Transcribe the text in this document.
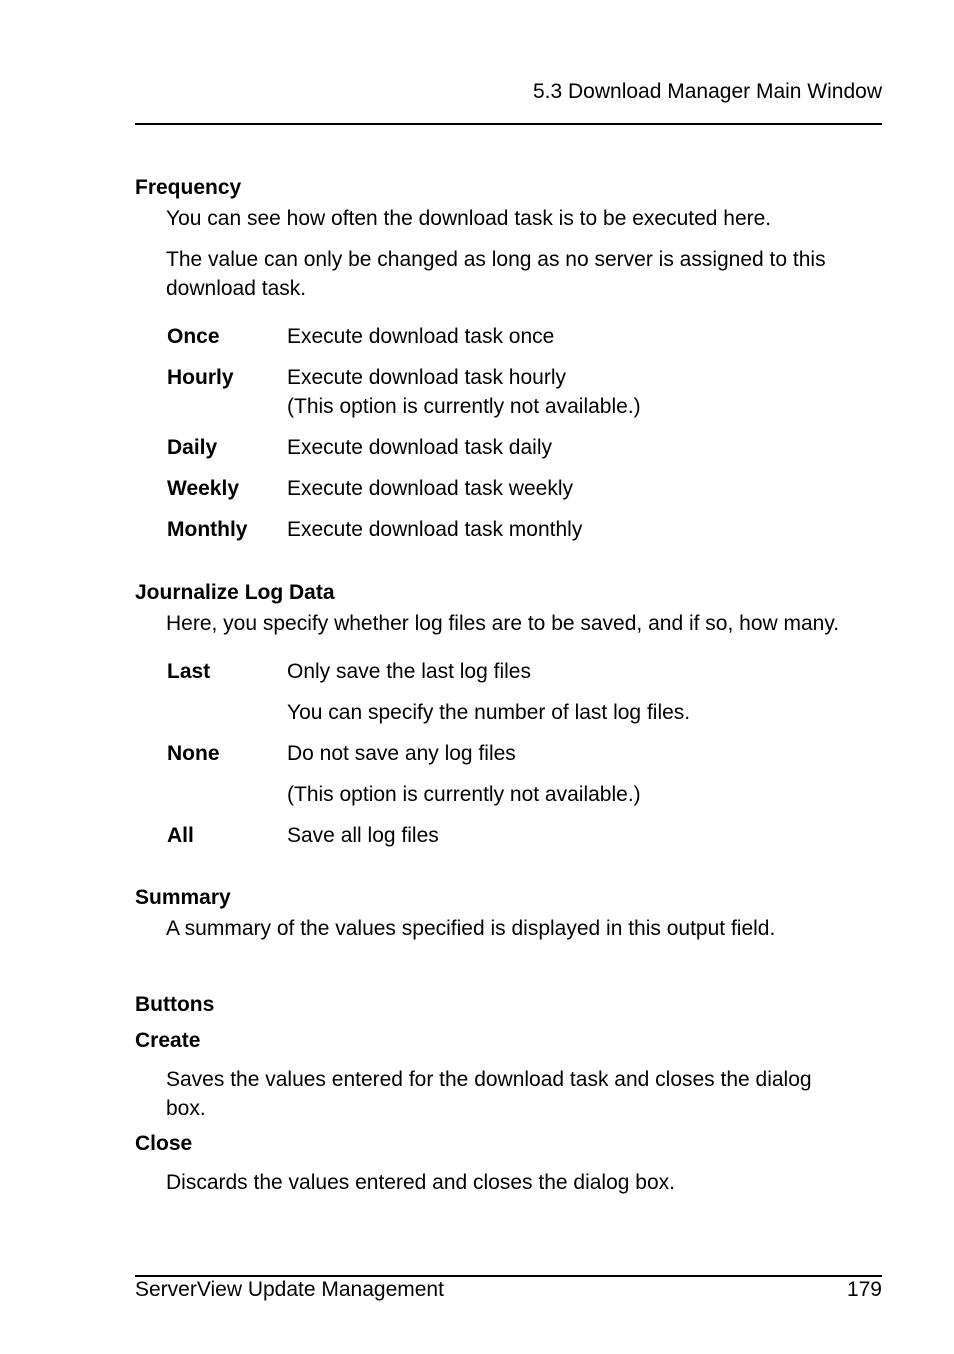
5.3 Download Manager Main Window
Frequency

You can see how often the download task is to be executed here.

The value can only be changed as long as no server is assigned to this download task.

Once	Execute download task once
Hourly	Execute download task hourly
(This option is currently not available.)
Daily	Execute download task daily
Weekly	Execute download task weekly
Monthly	Execute download task monthly
Journalize Log Data

Here, you specify whether log files are to be saved, and if so, how many.

Last	Only save the last log files
You can specify the number of last log files.
None	Do not save any log files
(This option is currently not available.)
All	Save all log files
Summary

A summary of the values specified is displayed in this output field.

Buttons
Create

Saves the values entered for the download task and closes the dialog box.

Close

Discards the values entered and closes the dialog box.

ServerView Update Management	179
